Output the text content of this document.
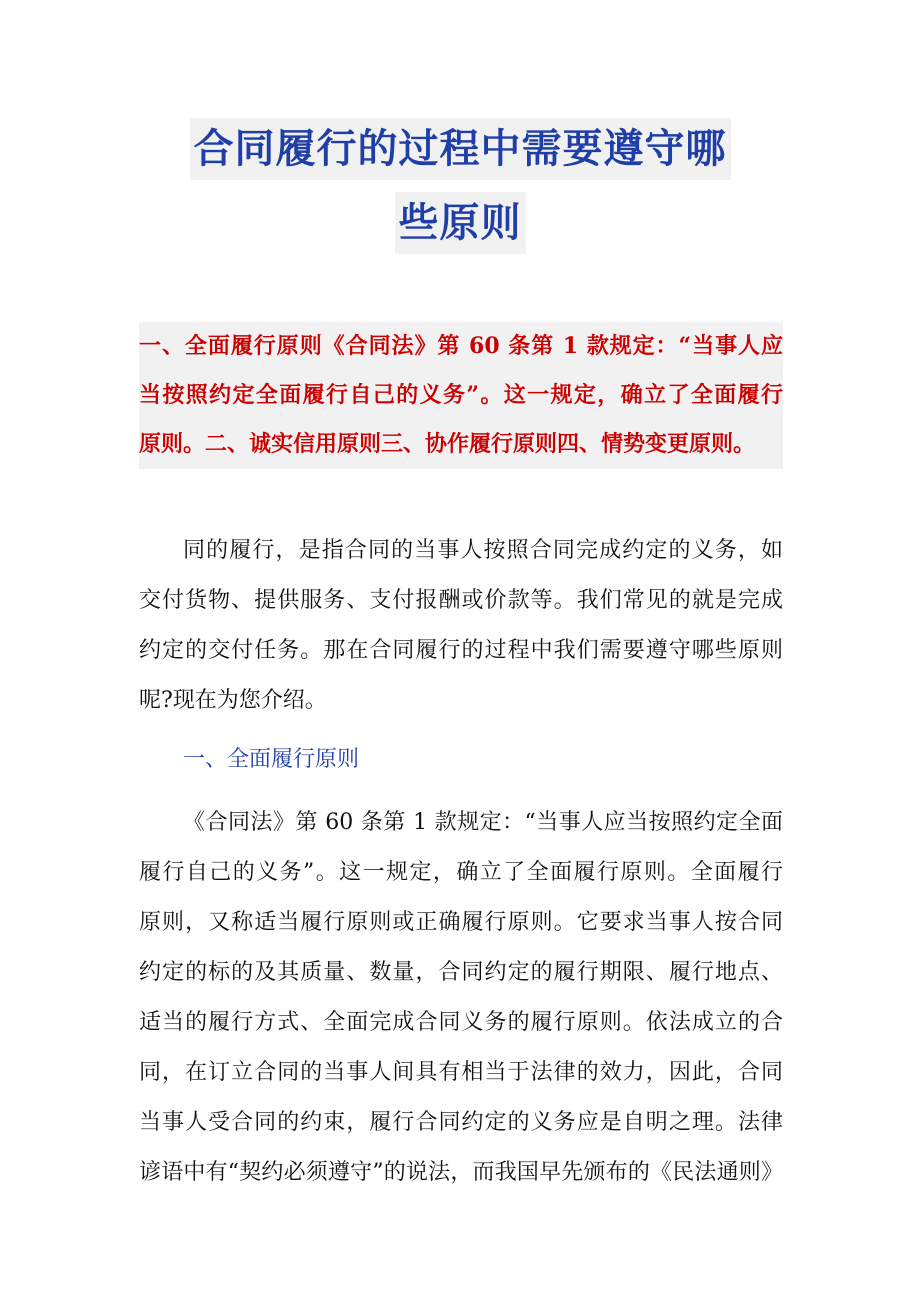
合同履行的过程中需要遵守哪
些原则
一、全面履行原则《合同法》第 60 条第 1 款规定：“当事人应
当按照约定全面履行自己的义务”。这一规定，确立了全面履行
原则。二、诚实信用原则三、协作履行原则四、情势变更原则。
同的履行，是指合同的当事人按照合同完成约定的义务，如
交付货物、提供服务、支付报酬或价款等。我们常见的就是完成
约定的交付任务。那在合同履行的过程中我们需要遵守哪些原则
呢?现在为您介绍。
一、全面履行原则
《合同法》第 60 条第 1 款规定：“当事人应当按照约定全面
履行自己的义务”。这一规定，确立了全面履行原则。全面履行
原则，又称适当履行原则或正确履行原则。它要求当事人按合同
约定的标的及其质量、数量，合同约定的履行期限、履行地点、
适当的履行方式、全面完成合同义务的履行原则。依法成立的合
同，在订立合同的当事人间具有相当于法律的效力，因此，合同
当事人受合同的约束，履行合同约定的义务应是自明之理。法律
谚语中有“契约必须遵守”的说法，而我国早先颁布的《民法通则》
